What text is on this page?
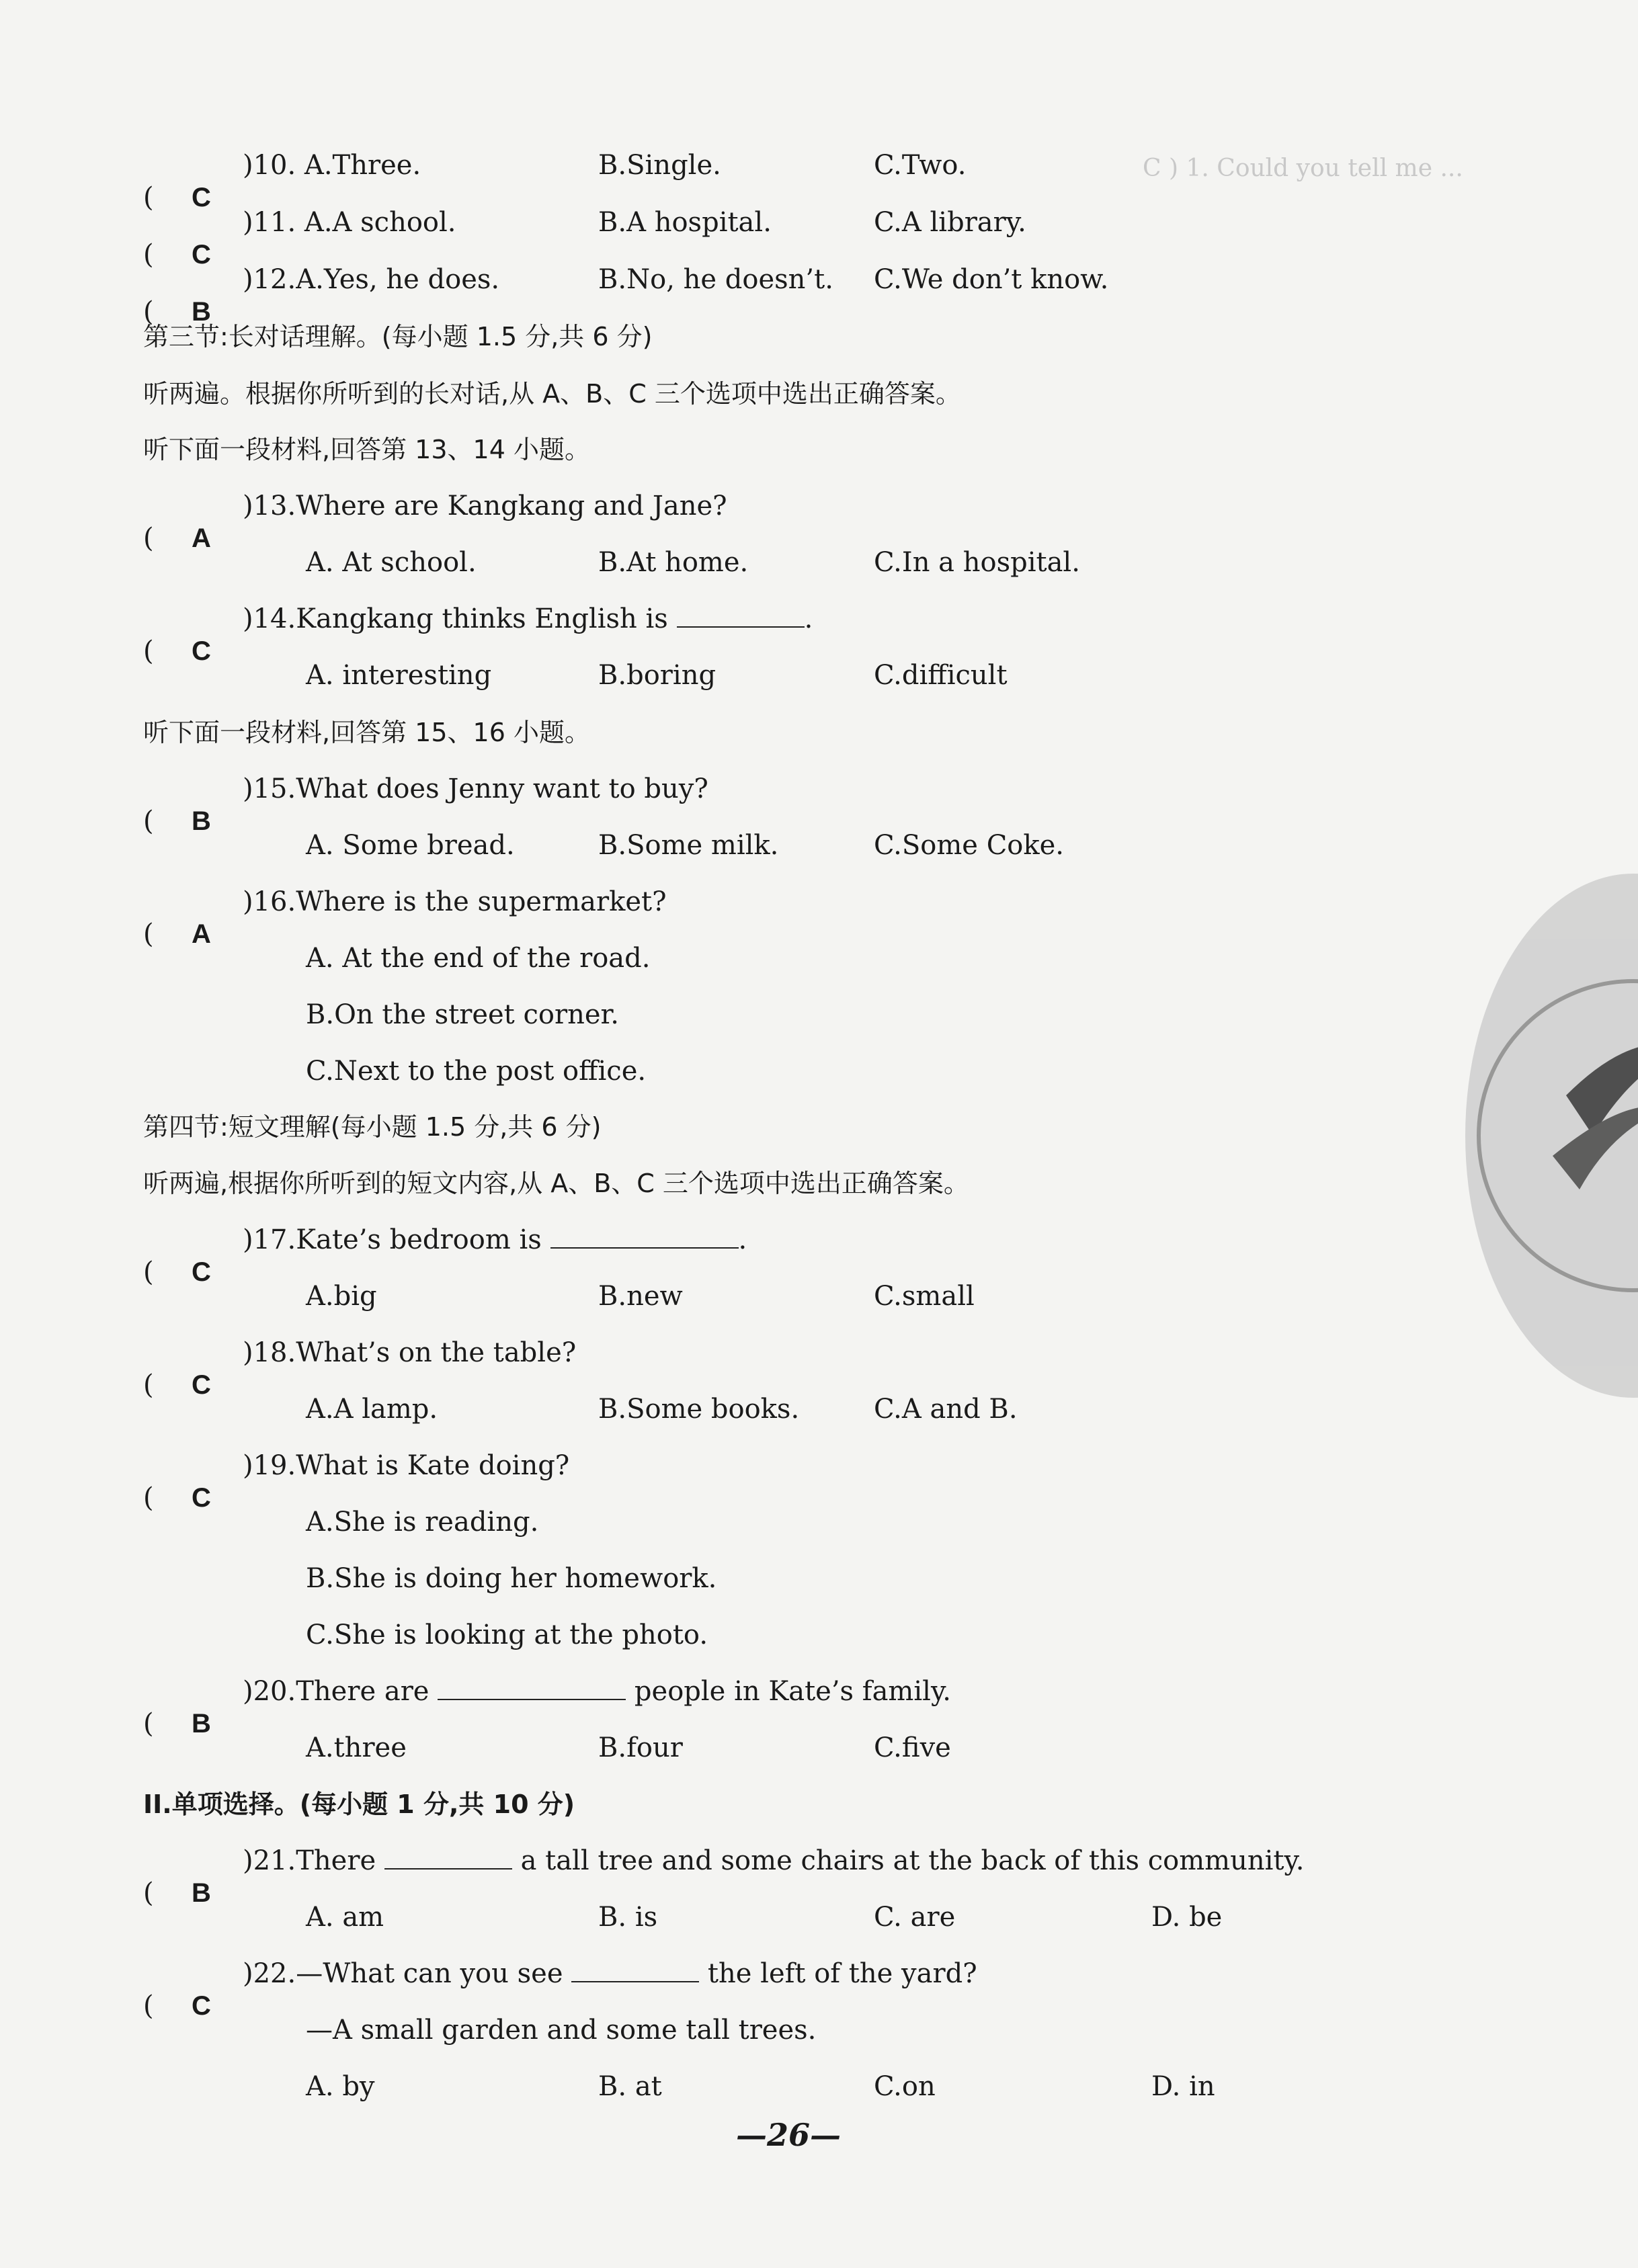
C ) 1. Could you tell me ...
( C
)10. A.Three.	B.Single.	C.Two.
( C
)11. A.A school.	B.A hospital.	C.A library.
( B
)12.A.Yes, he does.	B.No, he doesn’t. C.We don’t know.
第三节:长对话理解。(每小题 1.5 分,共 6 分)
听两遍。根据你所听到的长对话,从 A、B、C 三个选项中选出正确答案。
听下面一段材料,回答第 13、14 小题。
( A
)13.Where are Kangkang and Jane?
A. At school.	B.At home.	C.In a hospital.
( C
)14.Kangkang thinks English is	.
A. interesting	B.boring	C.difficult
听下面一段材料,回答第 15、16 小题。
( B
)15.What does Jenny want to buy?
A. Some bread.	B.Some milk.	C.Some Coke.
( A
)16.Where is the supermarket?
A. At the end of the road.
B.On the street corner.
C.Next to the post office.
第四节:短文理解(每小题 1.5 分,共 6 分)
听两遍,根据你所听到的短文内容,从 A、B、C 三个选项中选出正确答案。
( C
)17.Kate’s bedroom is	.
A.big	B.new	C.small
( C
)18.What’s on the table?
A.A lamp.	B.Some books.	C.A and B.
( C
)19.What is Kate doing?
A.She is reading.
B.She is doing her homework.
C.She is looking at the photo.
( B
)20.There are	people in Kate’s family.
A.three	B.four	C.five
II.单项选择。(每小题 1 分,共 10 分)
( B
)21.There	a tall tree and some chairs at the back of this community.
A. am	B. is	C. are	D. be
( C
)22.—What can you see	the left of the yard?
—A small garden and some tall trees.
A. by	B. at	C.on	D. in
—26—
